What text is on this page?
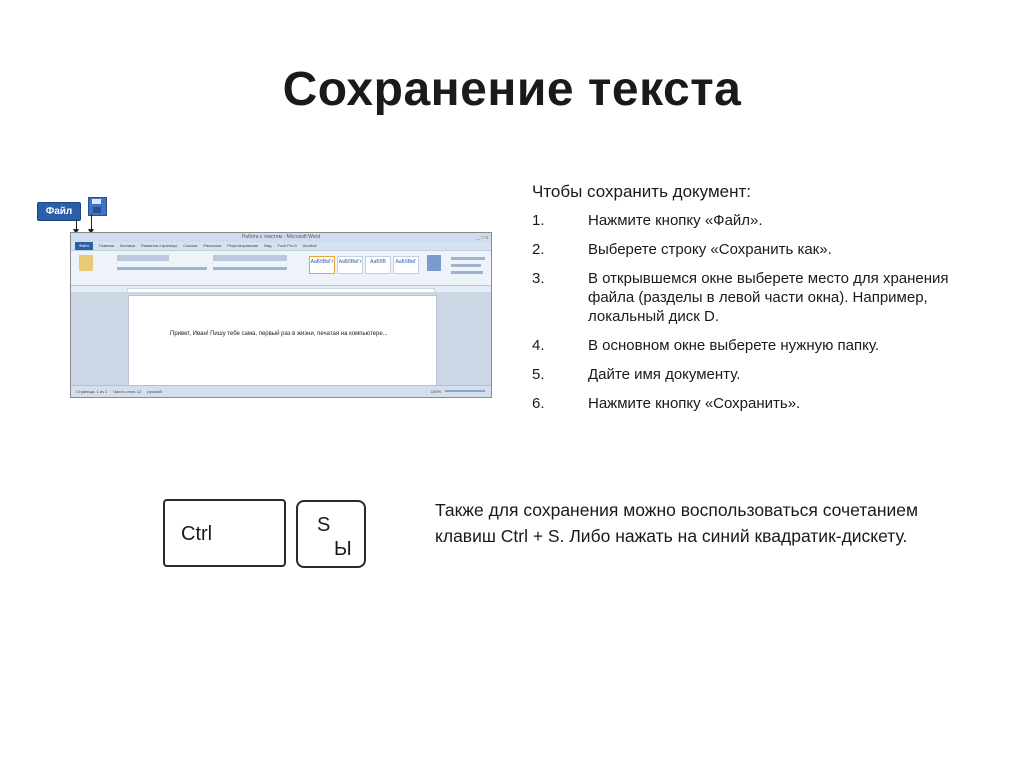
Сохранение текста
Файл
Работа с текстом - Microsoft Word	_ □ x
Файл	Главная Вставка Разметка страницы Ссылки Рассылки Рецензирование Вид Foxit Pro 8 Acrobat
АаБбВвГг	АаБбВвГг	АаБбВ	АаБбВвГ
Привет, Иван! Пишу тебе сама, первый раз в жизни, печатая на компьютере...
Страница: 1 из 1 Число слов: 12 русский	100%
Чтобы сохранить документ:
1.	Нажмите кнопку «Файл».
2.	Выберете строку «Сохранить как».
3.	В открывшемся окне выберете место для хранения файла (разделы в левой части окна). Например, локальный диск D.
4.	В основном окне выберете нужную папку.
5.	Дайте имя документу.
6.	Нажмите кнопку «Сохранить».
Ctrl	S
Ы
Также для сохранения можно воспользоваться сочетанием клавиш Ctrl + S. Либо нажать на синий квадратик-дискету.
